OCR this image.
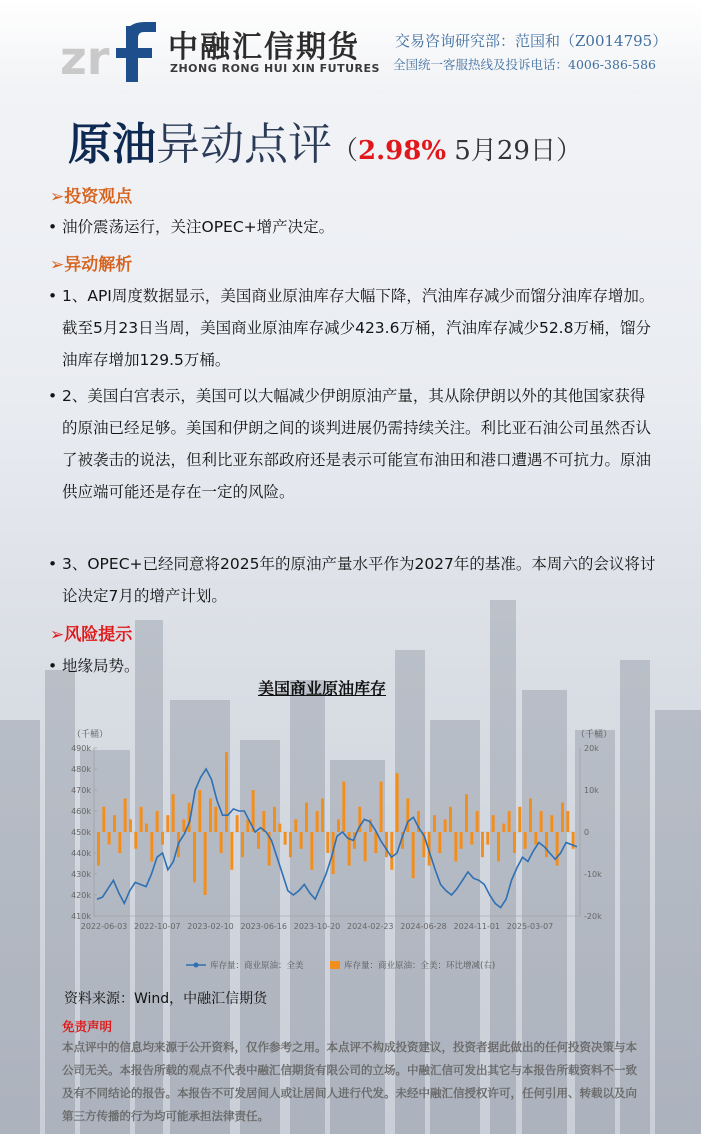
zr 中融汇信期货
ZHONG RONG HUI XIN FUTURES
交易咨询研究部：范国和（Z0014795）
全国统一客服热线及投诉电话：4006-386-586
原油异动点评（2.98% 5月29日）
➢投资观点
• 油价震荡运行，关注OPEC+增产决定。
➢异动解析
• 1、API周度数据显示，美国商业原油库存大幅下降，汽油库存减少而馏分油库存增加。截至5月23日当周，美国商业原油库存减少423.6万桶，汽油库存减少52.8万桶，馏分油库存增加129.5万桶。
• 2、美国白宫表示，美国可以大幅减少伊朗原油产量，其从除伊朗以外的其他国家获得的原油已经足够。美国和伊朗之间的谈判进展仍需持续关注。利比亚石油公司虽然否认了被袭击的说法，但利比亚东部政府还是表示可能宣布油田和港口遭遇不可抗力。原油供应端可能还是存在一定的风险。
• 3、OPEC+已经同意将2025年的原油产量水平作为2027年的基准。本周六的会议将讨论决定7月的增产计划。
➢风险提示
• 地缘局势。
美国商业原油库存
（千桶）	（千桶）
490k
480k
470k
460k
450k
440k
430k
420k
410k
20k
10k
0
-10k
-20k
2022-06-03 2022-10-07 2023-02-10 2023-06-16 2023-10-20 2024-02-23 2024-06-28 2024-11-01 2025-03-07
库存量：商业原油：全美	库存量：商业原油：全美：环比增减(右)
资料来源：Wind，中融汇信期货
免责声明
本点评中的信息均来源于公开资料，仅作参考之用。本点评不构成投资建议，投资者据此做出的任何投资决策与本公司无关。本报告所载的观点不代表中融汇信期货有限公司的立场。中融汇信可发出其它与本报告所载资料不一致及有不同结论的报告。本报告不可发居间人或让居间人进行代发。未经中融汇信授权许可，任何引用、转载以及向第三方传播的行为均可能承担法律责任。
